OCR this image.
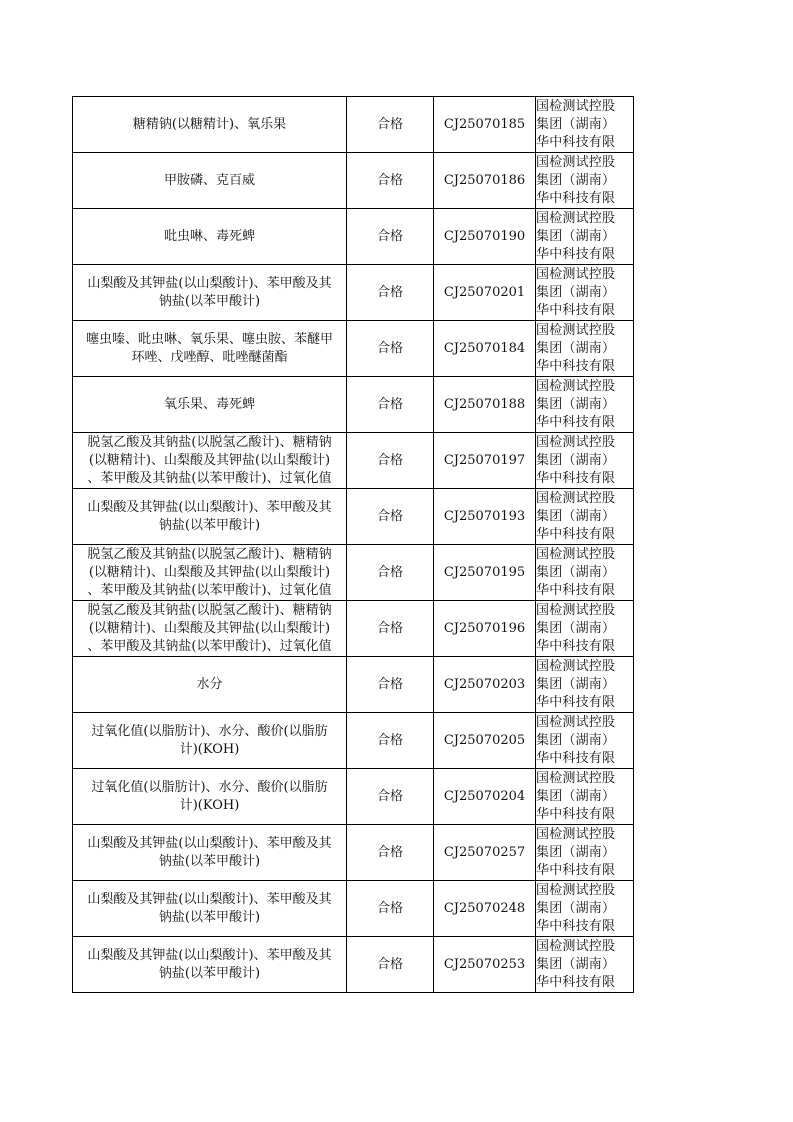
糖精钠(以糖精计)、氧乐果	合格	CJ25070185	国检测试控股
集团（湖南）
华中科技有限

甲胺磷、克百威	合格	CJ25070186	国检测试控股
集团（湖南）
华中科技有限

吡虫啉、毒死蜱	合格	CJ25070190	国检测试控股
集团（湖南）
华中科技有限

山梨酸及其钾盐(以山梨酸计)、苯甲酸及其
钠盐(以苯甲酸计)	合格	CJ25070201	国检测试控股
集团（湖南）
华中科技有限

噻虫嗪、吡虫啉、氧乐果、噻虫胺、苯醚甲
环唑、戊唑醇、吡唑醚菌酯	合格	CJ25070184	国检测试控股
集团（湖南）
华中科技有限

氧乐果、毒死蜱	合格	CJ25070188	国检测试控股
集团（湖南）
华中科技有限

脱氢乙酸及其钠盐(以脱氢乙酸计)、糖精钠
(以糖精计)、山梨酸及其钾盐(以山梨酸计)
、苯甲酸及其钠盐(以苯甲酸计)、过氧化值	合格	CJ25070197	国检测试控股
集团（湖南）
华中科技有限

山梨酸及其钾盐(以山梨酸计)、苯甲酸及其
钠盐(以苯甲酸计)	合格	CJ25070193	国检测试控股
集团（湖南）
华中科技有限

脱氢乙酸及其钠盐(以脱氢乙酸计)、糖精钠
(以糖精计)、山梨酸及其钾盐(以山梨酸计)
、苯甲酸及其钠盐(以苯甲酸计)、过氧化值	合格	CJ25070195	国检测试控股
集团（湖南）
华中科技有限

脱氢乙酸及其钠盐(以脱氢乙酸计)、糖精钠
(以糖精计)、山梨酸及其钾盐(以山梨酸计)
、苯甲酸及其钠盐(以苯甲酸计)、过氧化值	合格	CJ25070196	国检测试控股
集团（湖南）
华中科技有限

水分	合格	CJ25070203	国检测试控股
集团（湖南）
华中科技有限

过氧化值(以脂肪计)、水分、酸价(以脂肪
计)(KOH)	合格	CJ25070205	国检测试控股
集团（湖南）
华中科技有限

过氧化值(以脂肪计)、水分、酸价(以脂肪
计)(KOH)	合格	CJ25070204	国检测试控股
集团（湖南）
华中科技有限

山梨酸及其钾盐(以山梨酸计)、苯甲酸及其
钠盐(以苯甲酸计)	合格	CJ25070257	国检测试控股
集团（湖南）
华中科技有限

山梨酸及其钾盐(以山梨酸计)、苯甲酸及其
钠盐(以苯甲酸计)	合格	CJ25070248	国检测试控股
集团（湖南）
华中科技有限

山梨酸及其钾盐(以山梨酸计)、苯甲酸及其
钠盐(以苯甲酸计)	合格	CJ25070253	国检测试控股
集团（湖南）
华中科技有限
